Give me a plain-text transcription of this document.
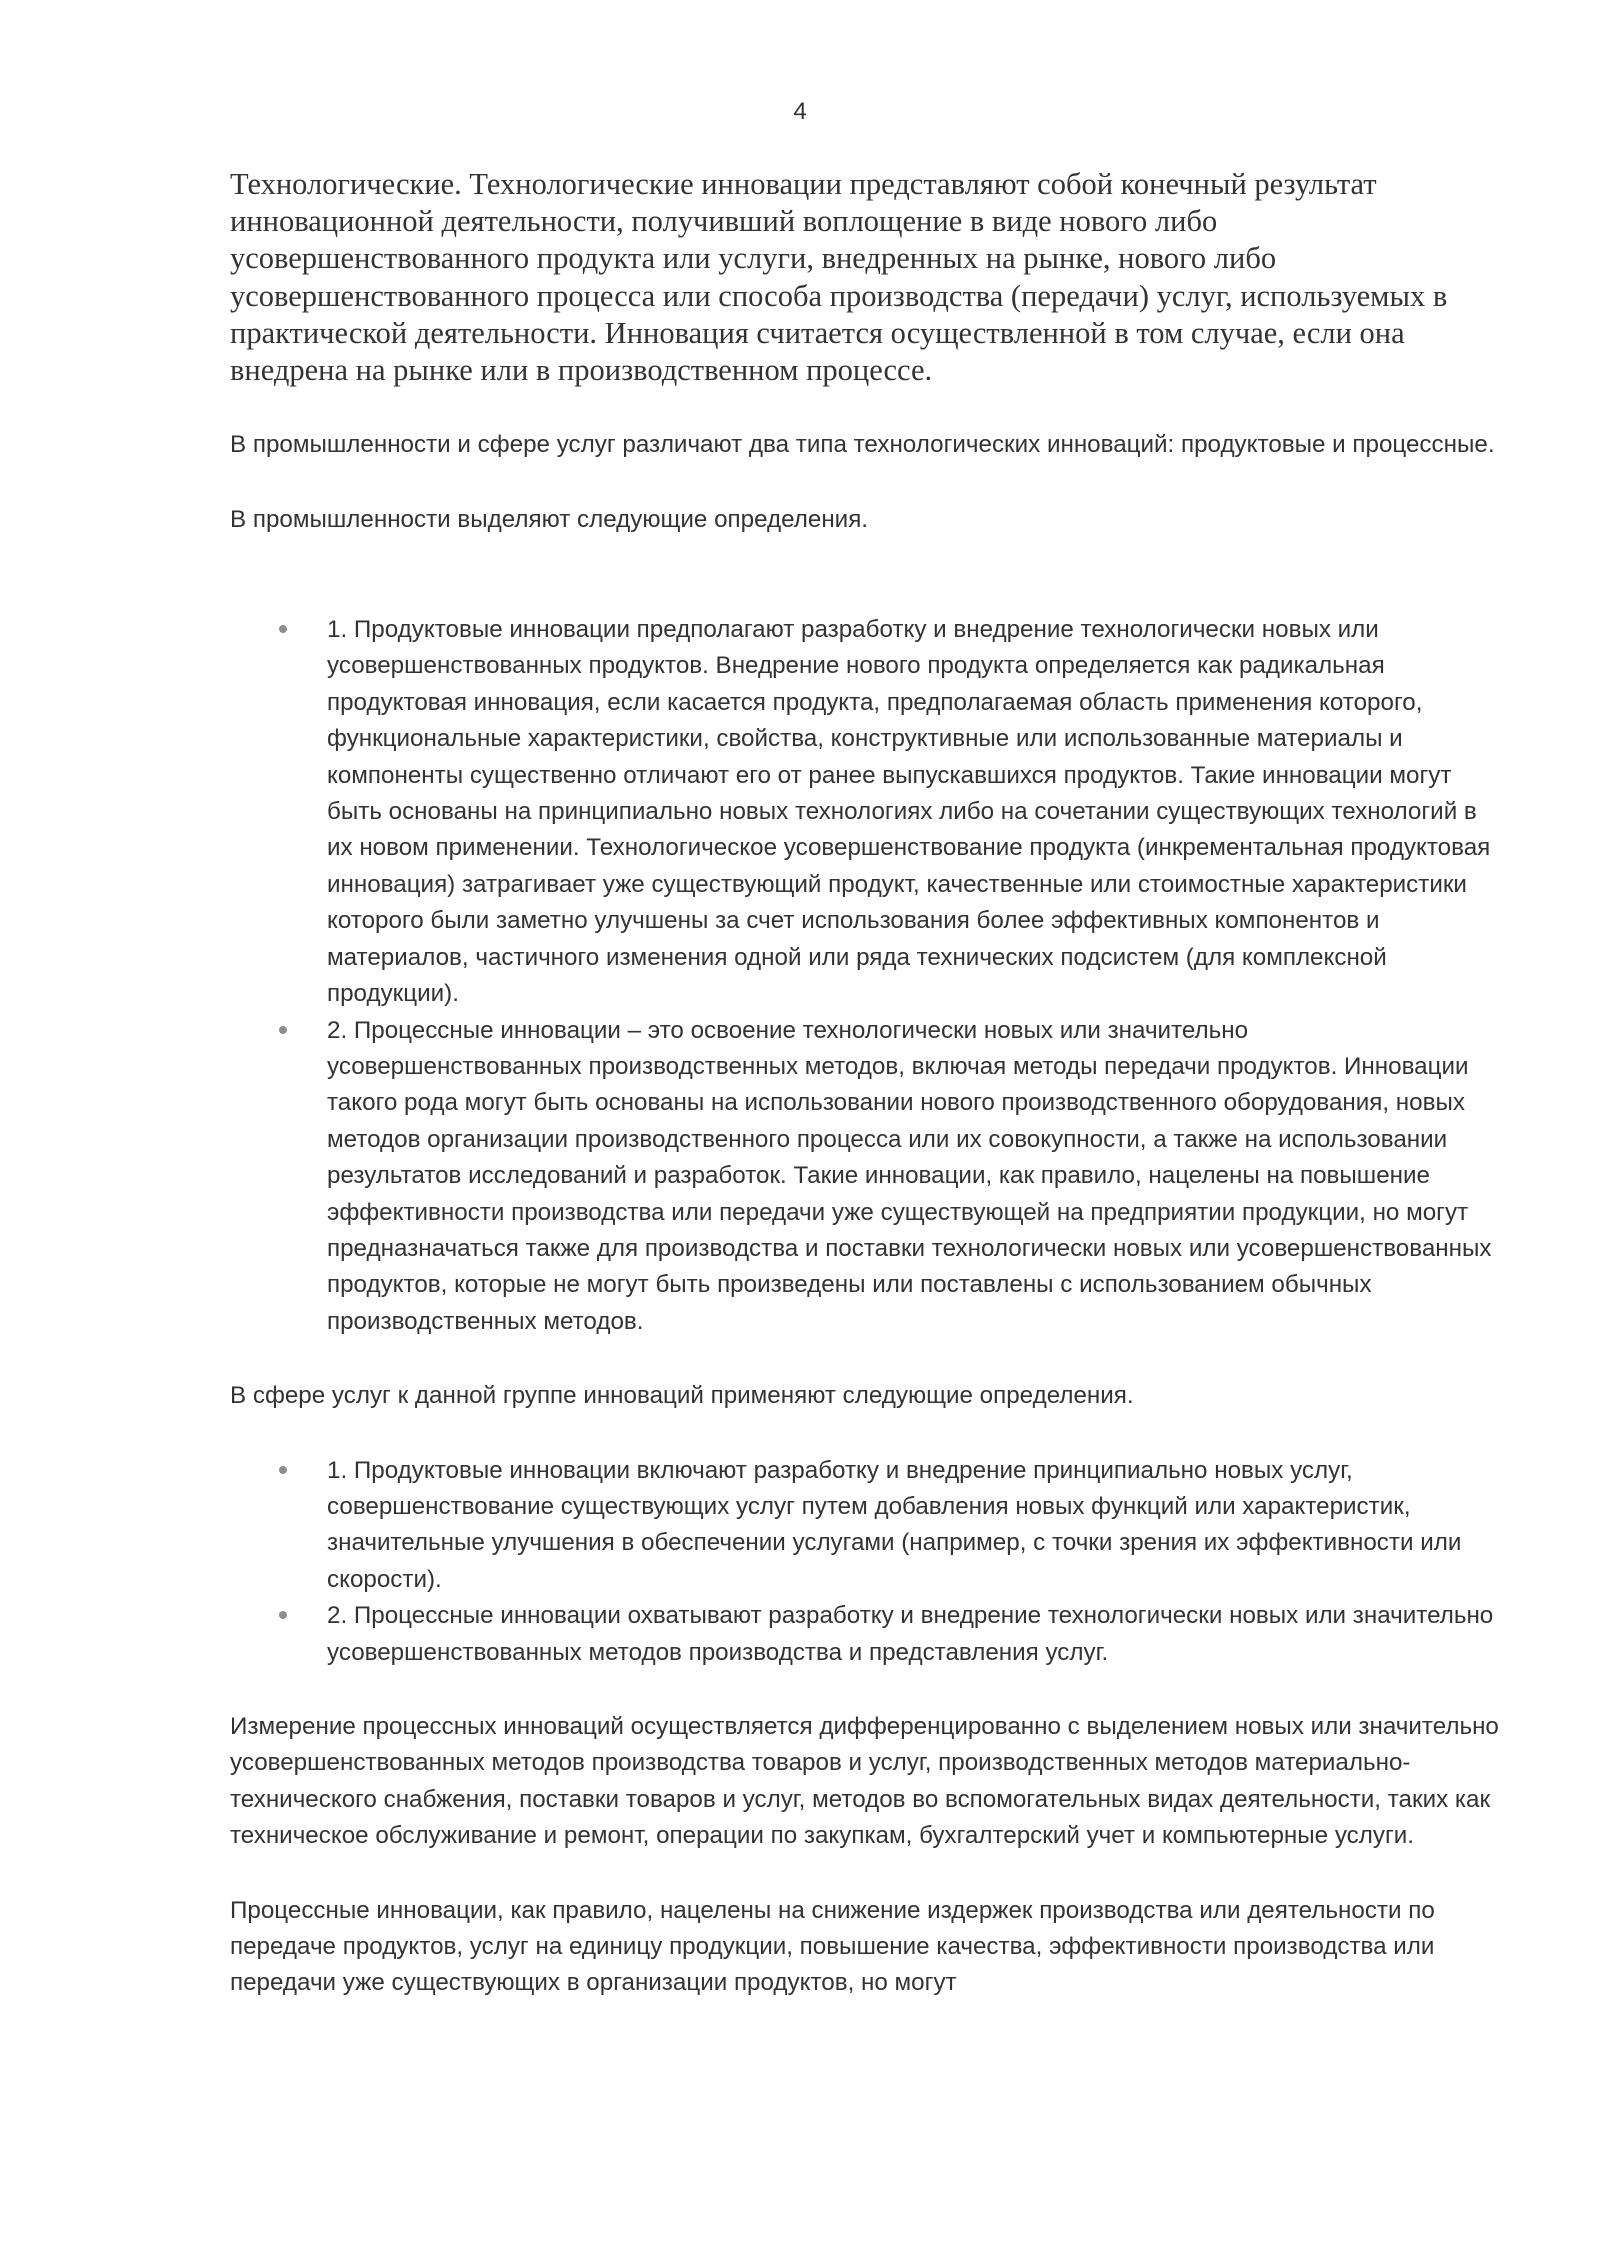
4

Технологические. Технологические инновации представляют собой конечный результат инновационной деятельности, получивший воплощение в виде нового либо усовершенствованного продукта или услуги, внедренных на рынке, нового либо усовершенствованного процесса или способа производства (передачи) услуг, используемых в практической деятельности. Инновация считается осуществленной в том случае, если она внедрена на рынке или в производственном процессе.

В промышленности и сфере услуг различают два типа технологических инноваций: продуктовые и процессные.

В промышленности выделяют следующие определения.

1. Продуктовые инновации предполагают разработку и внедрение технологически новых или усовершенствованных продуктов. Внедрение нового продукта определяется как радикальная продуктовая инновация, если касается продукта, предполагаемая область применения которого, функциональные характеристики, свойства, конструктивные или использованные материалы и компоненты существенно отличают его от ранее выпускавшихся продуктов. Такие инновации могут быть основаны на принципиально новых технологиях либо на сочетании существующих технологий в их новом применении. Технологическое усовершенствование продукта (инкрементальная продуктовая инновация) затрагивает уже существующий продукт, качественные или стоимостные характеристики которого были заметно улучшены за счет использования более эффективных компонентов и материалов, частичного изменения одной или ряда технических подсистем (для комплексной продукции).
2. Процессные инновации – это освоение технологически новых или значительно усовершенствованных производственных методов, включая методы передачи продуктов. Инновации такого рода могут быть основаны на использовании нового производственного оборудования, новых методов организации производственного процесса или их совокупности, а также на использовании результатов исследований и разработок. Такие инновации, как правило, нацелены на повышение эффективности производства или передачи уже существующей на предприятии продукции, но могут предназначаться также для производства и поставки технологически новых или усовершенствованных продуктов, которые не могут быть произведены или поставлены с использованием обычных производственных методов.

В сфере услуг к данной группе инноваций применяют следующие определения.

1. Продуктовые инновации включают разработку и внедрение принципиально новых услуг, совершенствование существующих услуг путем добавления новых функций или характеристик, значительные улучшения в обеспечении услугами (например, с точки зрения их эффективности или скорости).
2. Процессные инновации охватывают разработку и внедрение технологически новых или значительно усовершенствованных методов производства и представления услуг.

Измерение процессных инноваций осуществляется дифференцированно с выделением новых или значительно усовершенствованных методов производства товаров и услуг, производственных методов материально-технического снабжения, поставки товаров и услуг, методов во вспомогательных видах деятельности, таких как техническое обслуживание и ремонт, операции по закупкам, бухгалтерский учет и компьютерные услуги.

Процессные инновации, как правило, нацелены на снижение издержек производства или деятельности по передаче продуктов, услуг на единицу продукции, повышение качества, эффективности производства или передачи уже существующих в организации продуктов, но могут
